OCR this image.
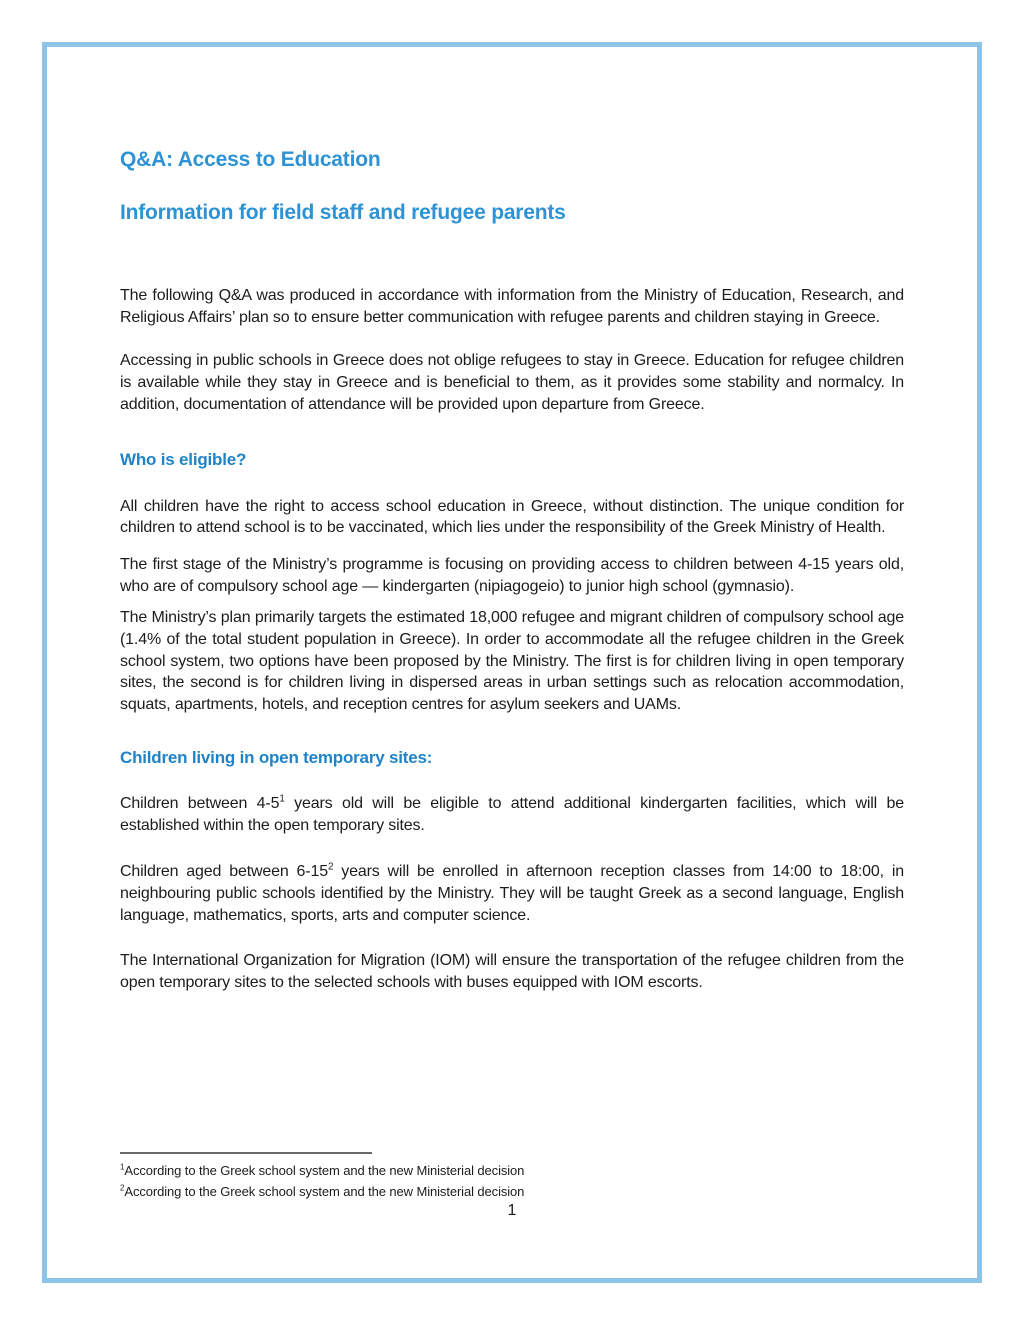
Q&A: Access to Education
Information for field staff and refugee parents

The following Q&A was produced in accordance with information from the Ministry of Education, Research, and Religious Affairs’ plan so to ensure better communication with refugee parents and children staying in Greece.

Accessing in public schools in Greece does not oblige refugees to stay in Greece. Education for refugee children is available while they stay in Greece and is beneficial to them, as it provides some stability and normalcy. In addition, documentation of attendance will be provided upon departure from Greece.

Who is eligible?

All children have the right to access school education in Greece, without distinction. The unique condition for children to attend school is to be vaccinated, which lies under the responsibility of the Greek Ministry of Health.

The first stage of the Ministry’s programme is focusing on providing access to children between 4-15 years old, who are of compulsory school age — kindergarten (nipiagogeio) to junior high school (gymnasio).

The Ministry’s plan primarily targets the estimated 18,000 refugee and migrant children of compulsory school age (1.4% of the total student population in Greece). In order to accommodate all the refugee children in the Greek school system, two options have been proposed by the Ministry. The first is for children living in open temporary sites, the second is for children living in dispersed areas in urban settings such as relocation accommodation, squats, apartments, hotels, and reception centres for asylum seekers and UAMs.

Children living in open temporary sites:

Children between $4-5^1$ years old will be eligible to attend additional kindergarten facilities, which will be established within the open temporary sites.

Children aged between $6-15^2$ years will be enrolled in afternoon reception classes from 14:00 to 18:00, in neighbouring public schools identified by the Ministry. They will be taught Greek as a second language, English language, mathematics, sports, arts and computer science.

The International Organization for Migration (IOM) will ensure the transportation of the refugee children from the open temporary sites to the selected schools with buses equipped with IOM escorts.

$^1$According to the Greek school system and the new Ministerial decision
$^2$According to the Greek school system and the new Ministerial decision
1
